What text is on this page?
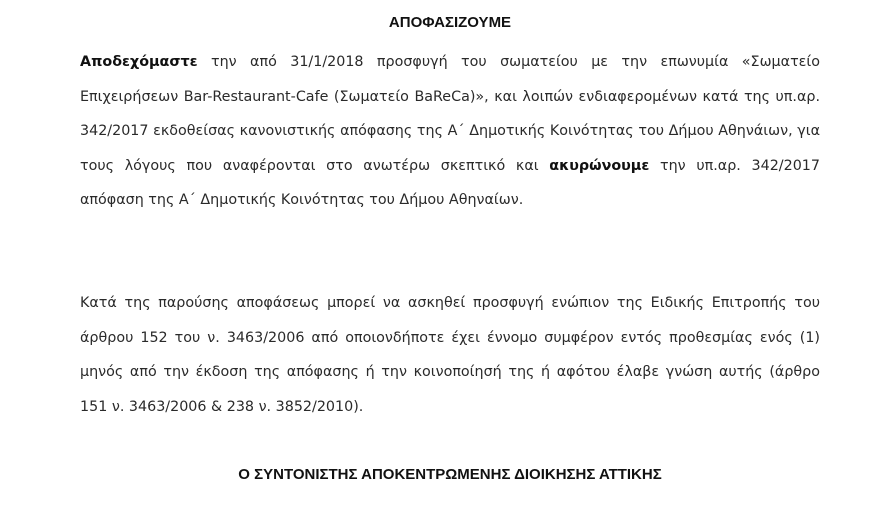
ΑΠΟΦΑΣΙΖΟΥΜΕ

Αποδεχόμαστε την από 31/1/2018 προσφυγή του σωματείου με την επωνυμία «Σωματείο Επιχειρήσεων Bar-Restaurant-Cafe (Σωματείο BaReCa)», και λοιπών ενδιαφερομένων κατά της υπ.αρ. 342/2017 εκδοθείσας κανονιστικής απόφασης της Α΄ Δημοτικής Κοινότητας του Δήμου Αθηνάιων, για τους λόγους που αναφέρονται στο ανωτέρω σκεπτικό και ακυρώνουμε την υπ.αρ. 342/2017 απόφαση της Α΄ Δημοτικής Κοινότητας του Δήμου Αθηναίων.

Κατά της παρούσης αποφάσεως μπορεί να ασκηθεί προσφυγή ενώπιον της Ειδικής Επιτροπής του άρθρου 152 του ν. 3463/2006 από οποιονδήποτε έχει έννομο συμφέρον εντός προθεσμίας ενός (1) μηνός από την έκδοση της απόφασης ή την κοινοποίησή της ή αφότου έλαβε γνώση αυτής (άρθρο 151 ν. 3463/2006 & 238 ν. 3852/2010).

Ο ΣΥΝΤΟΝΙΣΤΗΣ ΑΠΟΚΕΝΤΡΩΜΕΝΗΣ ΔΙΟΙΚΗΣΗΣ ΑΤΤΙΚΗΣ
